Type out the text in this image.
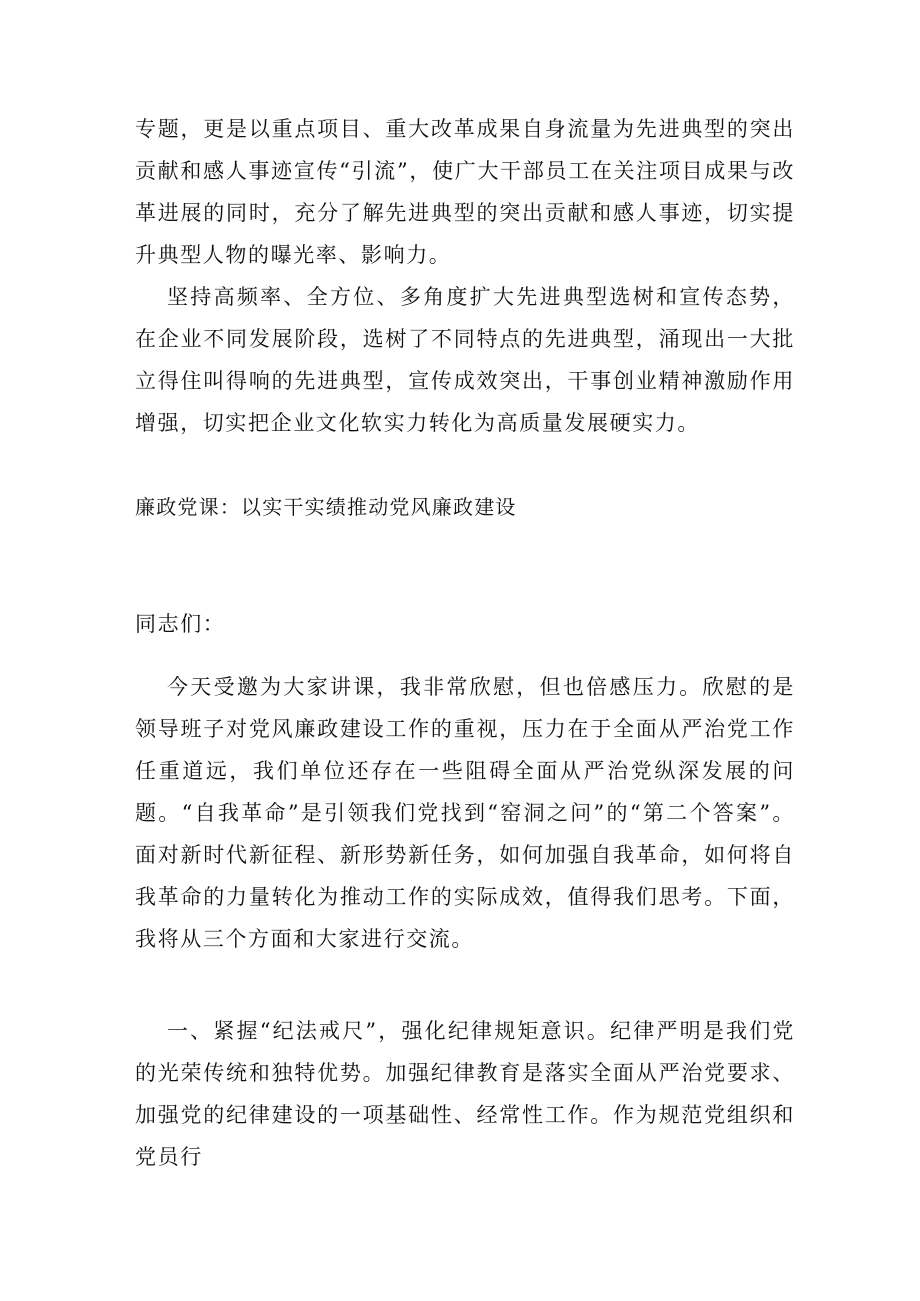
专题，更是以重点项目、重大改革成果自身流量为先进典型的突出贡献和感人事迹宣传“引流”，使广大干部员工在关注项目成果与改革进展的同时，充分了解先进典型的突出贡献和感人事迹，切实提升典型人物的曝光率、影响力。

坚持高频率、全方位、多角度扩大先进典型选树和宣传态势，在企业不同发展阶段，选树了不同特点的先进典型，涌现出一大批立得住叫得响的先进典型，宣传成效突出，干事创业精神激励作用增强，切实把企业文化软实力转化为高质量发展硬实力。

廉政党课：以实干实绩推动党风廉政建设

同志们：

今天受邀为大家讲课，我非常欣慰，但也倍感压力。欣慰的是领导班子对党风廉政建设工作的重视，压力在于全面从严治党工作任重道远，我们单位还存在一些阻碍全面从严治党纵深发展的问题。“自我革命”是引领我们党找到“窑洞之问”的“第二个答案”。面对新时代新征程、新形势新任务，如何加强自我革命，如何将自我革命的力量转化为推动工作的实际成效，值得我们思考。下面，我将从三个方面和大家进行交流。

一、紧握“纪法戒尺”，强化纪律规矩意识。纪律严明是我们党的光荣传统和独特优势。加强纪律教育是落实全面从严治党要求、加强党的纪律建设的一项基础性、经常性工作。作为规范党组织和党员行
